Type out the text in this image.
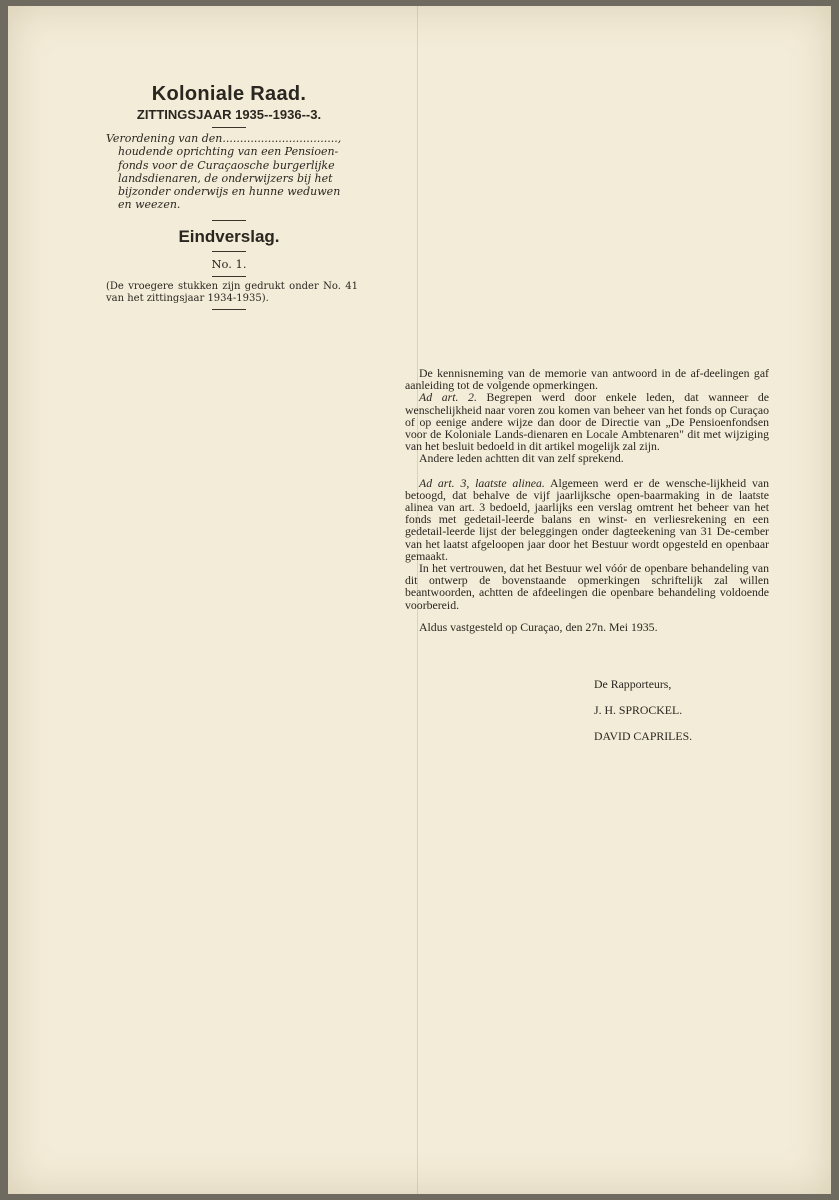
Koloniale Raad.
ZITTINGSJAAR 1935--1936--3.

Verordening van den.................................,

houdende oprichting van een Pensioen-

fonds voor de Curaçaosche burgerlijke

landsdienaren, de onderwijzers bij het

bijzonder onderwijs en hunne weduwen

en weezen.

Eindverslag.
No. 1.
(De vroegere stukken zijn gedrukt onder No. 41 van het zittingsjaar 1934-1935).

De kennisneming van de memorie van antwoord in de af-deelingen gaf aanleiding tot de volgende opmerkingen.

Ad art. 2. Begrepen werd door enkele leden, dat wanneer de wenschelijkheid naar voren zou komen van beheer van het fonds op Curaçao of op eenige andere wijze dan door de Directie van „De Pensioenfondsen voor de Koloniale Lands-dienaren en Locale Ambtenaren" dit met wijziging van het besluit bedoeld in dit artikel mogelijk zal zijn.

Andere leden achtten dit van zelf sprekend.

Ad art. 3, laatste alinea. Algemeen werd er de wensche-lijkheid van betoogd, dat behalve de vijf jaarlijksche open-baarmaking in de laatste alinea van art. 3 bedoeld, jaarlijks een verslag omtrent het beheer van het fonds met gedetail-leerde balans en winst- en verliesrekening en een gedetail-leerde lijst der beleggingen onder dagteekening van 31 De-cember van het laatst afgeloopen jaar door het Bestuur wordt opgesteld en openbaar gemaakt.

In het vertrouwen, dat het Bestuur wel vóór de openbare behandeling van dit ontwerp de bovenstaande opmerkingen schriftelijk zal willen beantwoorden, achtten de afdeelingen die openbare behandeling voldoende voorbereid.

Aldus vastgesteld op Curaçao, den 27n. Mei 1935.

De Rapporteurs,
J. H. SPROCKEL.
DAVID CAPRILES.
